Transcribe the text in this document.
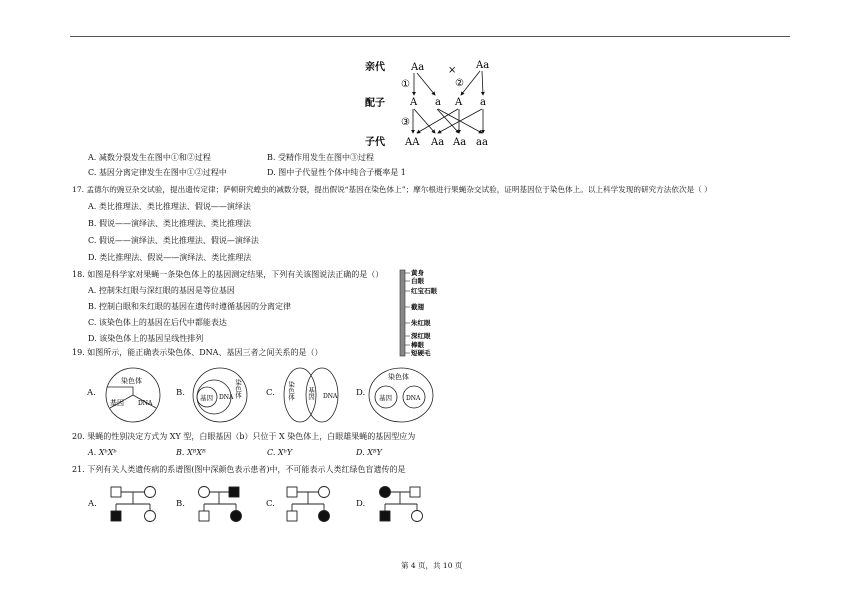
亲代
配子
子代
Aa × Aa
①	②
③
A a A a
AA Aa Aa aa
A. 减数分裂发生在图中①和②过程	B. 受精作用发生在图中③过程
C. 基因分离定律发生在图中①②过程中	D. 图中子代显性个体中纯合子概率是 1
17. 孟德尔的豌豆杂交试验，提出遗传定律；萨顿研究蝗虫的减数分裂，提出假说“基因在染色体上”；摩尔根进行果蝇杂交试验，证明基因位于染色体上。以上科学发现的研究方法依次是（ ）
A. 类比推理法、类比推理法、假说——演绎法
B. 假说——演绎法、类比推理法、类比推理法
C. 假说——演绎法、类比推理法、假说—演绎法
D. 类比推理法、假说——演绎法、类比推理法
18. 如图是科学家对果蝇一条染色体上的基因测定结果，下列有关该图说法正确的是（）
A. 控制朱红眼与深红眼的基因是等位基因
B. 控制白眼和朱红眼的基因在遗传时遵循基因的分离定律
C. 该染色体上的基因在后代中都能表达
D. 该染色体上的基因呈线性排列
黄身
白眼
红宝石眼
截翅
朱红眼
深红眼
棒眼
短硬毛
19. 如图所示，能正确表示染色体、DNA、基因三者之间关系的是（）
A.
染色体
基因 DNA
B. 基因 DNA 染色体	C. 染色体 基因 DNA D.
染色体
基因 DNA
20. 果蝇的性别决定方式为 XY 型，白眼基因（b）只位于 X 染色体上，白眼雄果蝇的基因型应为
A. XᵇXᵇ	B. XᴮXᴮ	C. XᵇY	D. XᴮY
21. 下列有关人类遗传病的系谱图(图中深颜色表示患者)中，不可能表示人类红绿色盲遗传的是
A.	B.	C.	D.
第 4 页，共 10 页
